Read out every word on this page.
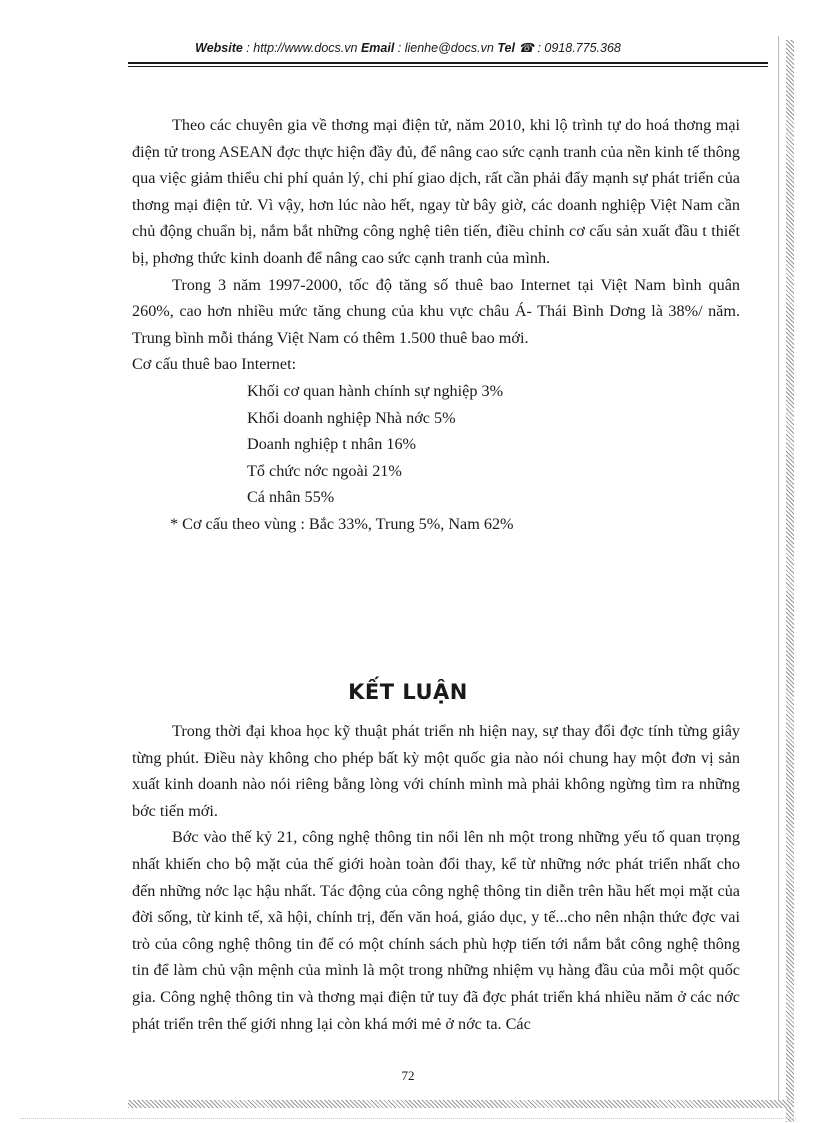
Website : http://www.docs.vn Email : lienhe@docs.vn Tel ☎ : 0918.775.368

Theo các chuyên gia về thơng mại điện tử, năm 2010, khi lộ trình tự do hoá thơng mại điện tử trong ASEAN đợc thực hiện đầy đủ, để nâng cao sức cạnh tranh của nền kinh tế thông qua việc giảm thiểu chi phí quản lý, chi phí giao dịch, rất cần phải đẩy mạnh sự phát triển của thơng mại điện tử. Vì vậy, hơn lúc nào hết, ngay từ bây giờ, các doanh nghiệp Việt Nam cần chủ động chuẩn bị, nắm bắt những công nghệ tiên tiến, điều chỉnh cơ cấu sản xuất đầu t thiết bị, phơng thức kinh doanh để nâng cao sức cạnh tranh của mình.

Trong 3 năm 1997-2000, tốc độ tăng số thuê bao Internet tại Việt Nam bình quân 260%, cao hơn nhiều mức tăng chung của khu vực châu Á- Thái Bình Dơng là 38%/ năm. Trung bình mỗi tháng Việt Nam có thêm 1.500 thuê bao mới.

Cơ cấu thuê bao Internet:

Khối cơ quan hành chính sự nghiệp 3%
Khối doanh nghiệp Nhà nớc 5%
Doanh nghiệp t nhân 16%
Tổ chức nớc ngoài 21%
Cá nhân 55%

* Cơ cấu theo vùng : Bắc 33%, Trung 5%, Nam 62%

KẾT LUẬN

Trong thời đại khoa học kỹ thuật phát triển nh hiện nay, sự thay đổi đợc tính từng giây từng phút. Điều này không cho phép bất kỳ một quốc gia nào nói chung hay một đơn vị sản xuất kinh doanh nào nói riêng bằng lòng với chính mình mà phải không ngừng tìm ra những bớc tiến mới.

Bớc vào thế kỷ 21, công nghệ thông tin nổi lên nh một trong những yếu tố quan trọng nhất khiến cho bộ mặt của thế giới hoàn toàn đổi thay, kể từ những nớc phát triển nhất cho đến những nớc lạc hậu nhất. Tác động của công nghệ thông tin diễn trên hầu hết mọi mặt của đời sống, từ kinh tế, xã hội, chính trị, đến văn hoá, giáo dục, y tế...cho nên nhận thức đợc vai trò của công nghệ thông tin để có một chính sách phù hợp tiến tới nắm bắt công nghệ thông tin để làm chủ vận mệnh của mình là một trong những nhiệm vụ hàng đầu của mỗi một quốc gia. Công nghệ thông tin và thơng mại điện tử tuy đã đợc phát triển khá nhiều năm ở các nớc phát triển trên thế giới nhng lại còn khá mới mẻ ở nớc ta. Các

72
